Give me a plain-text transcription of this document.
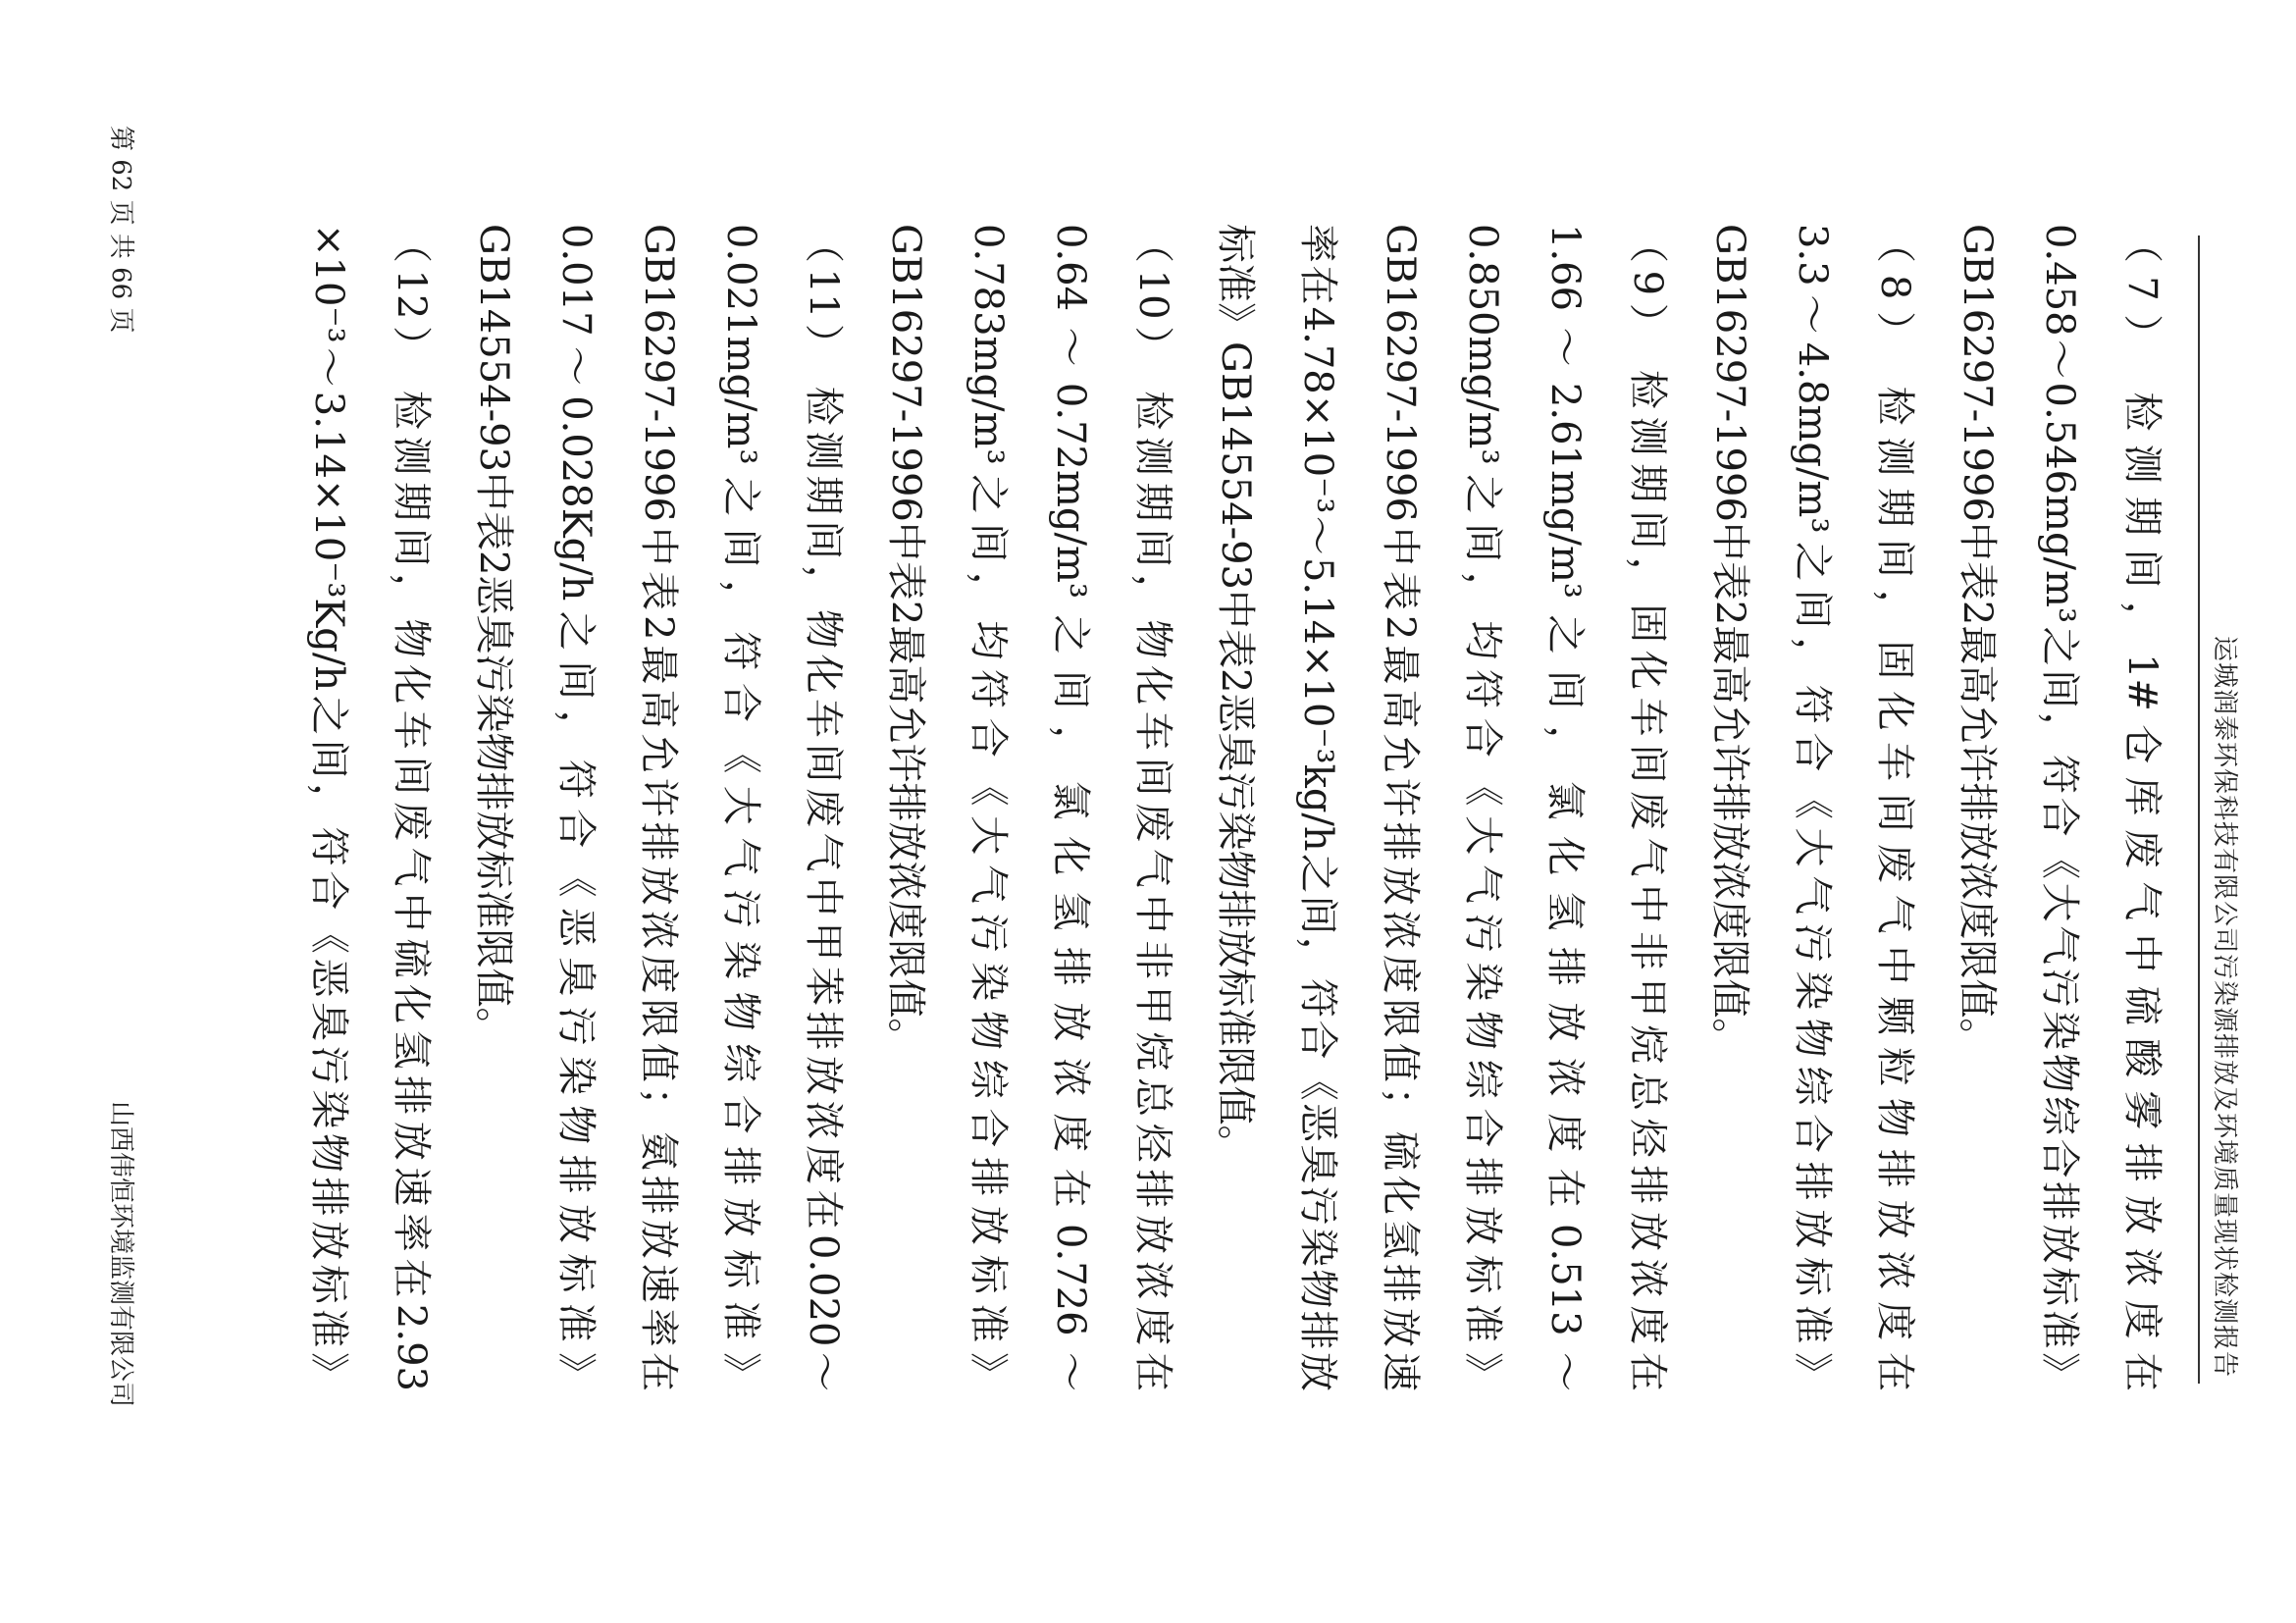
运城润泰环保科技有限公司污染源排放及环境质量现状检测报告
（7） 检测期间，1#仓库废气中硫酸雾排放浓度在
0.458～0.546mg/m³之间，符合《大气污染物综合排放标准》
GB16297-1996中表2最高允许排放浓度限值。
（8） 检测期间，固化车间废气中颗粒物排放浓度在
3.3～4.8mg/m³之间，符合《大气污染物综合排放标准》
GB16297-1996中表2最高允许排放浓度限值。
（9） 检测期间，固化车间废气中非甲烷总烃排放浓度在
1.66～2.61mg/m³之间，氯化氢排放浓度在0.513～
0.850mg/m³之间，均符合《大气污染物综合排放标准》
GB16297-1996中表2最高允许排放浓度限值；硫化氢排放速
率在4.78×10⁻³～5.14×10⁻³kg/h之间，符合《恶臭污染物排放
标准》GB14554-93中表2恶臭污染物排放标准限值。
（10） 检测期间，物化车间废气中非甲烷总烃排放浓度在
0.64～0.72mg/m³之间，氯化氢排放浓度在0.726～
0.783mg/m³之间，均符合《大气污染物综合排放标准》
GB16297-1996中表2最高允许排放浓度限值。
（11） 检测期间，物化车间废气中甲苯排放浓度在0.020～
0.021mg/m³之间，符合《大气污染物综合排放标准》
GB16297-1996中表2最高允许排放浓度限值；氨排放速率在
0.017～0.028Kg/h之间，符合《恶臭污染物排放标准》
GB14554-93中表2恶臭污染物排放标准限值。
（12） 检测期间，物化车间废气中硫化氢排放速率在2.93
×10⁻³～3.14×10⁻³Kg/h之间，符合《恶臭污染物排放标准》
第 62 页 共 66 页
山西伟恒环境监测有限公司
